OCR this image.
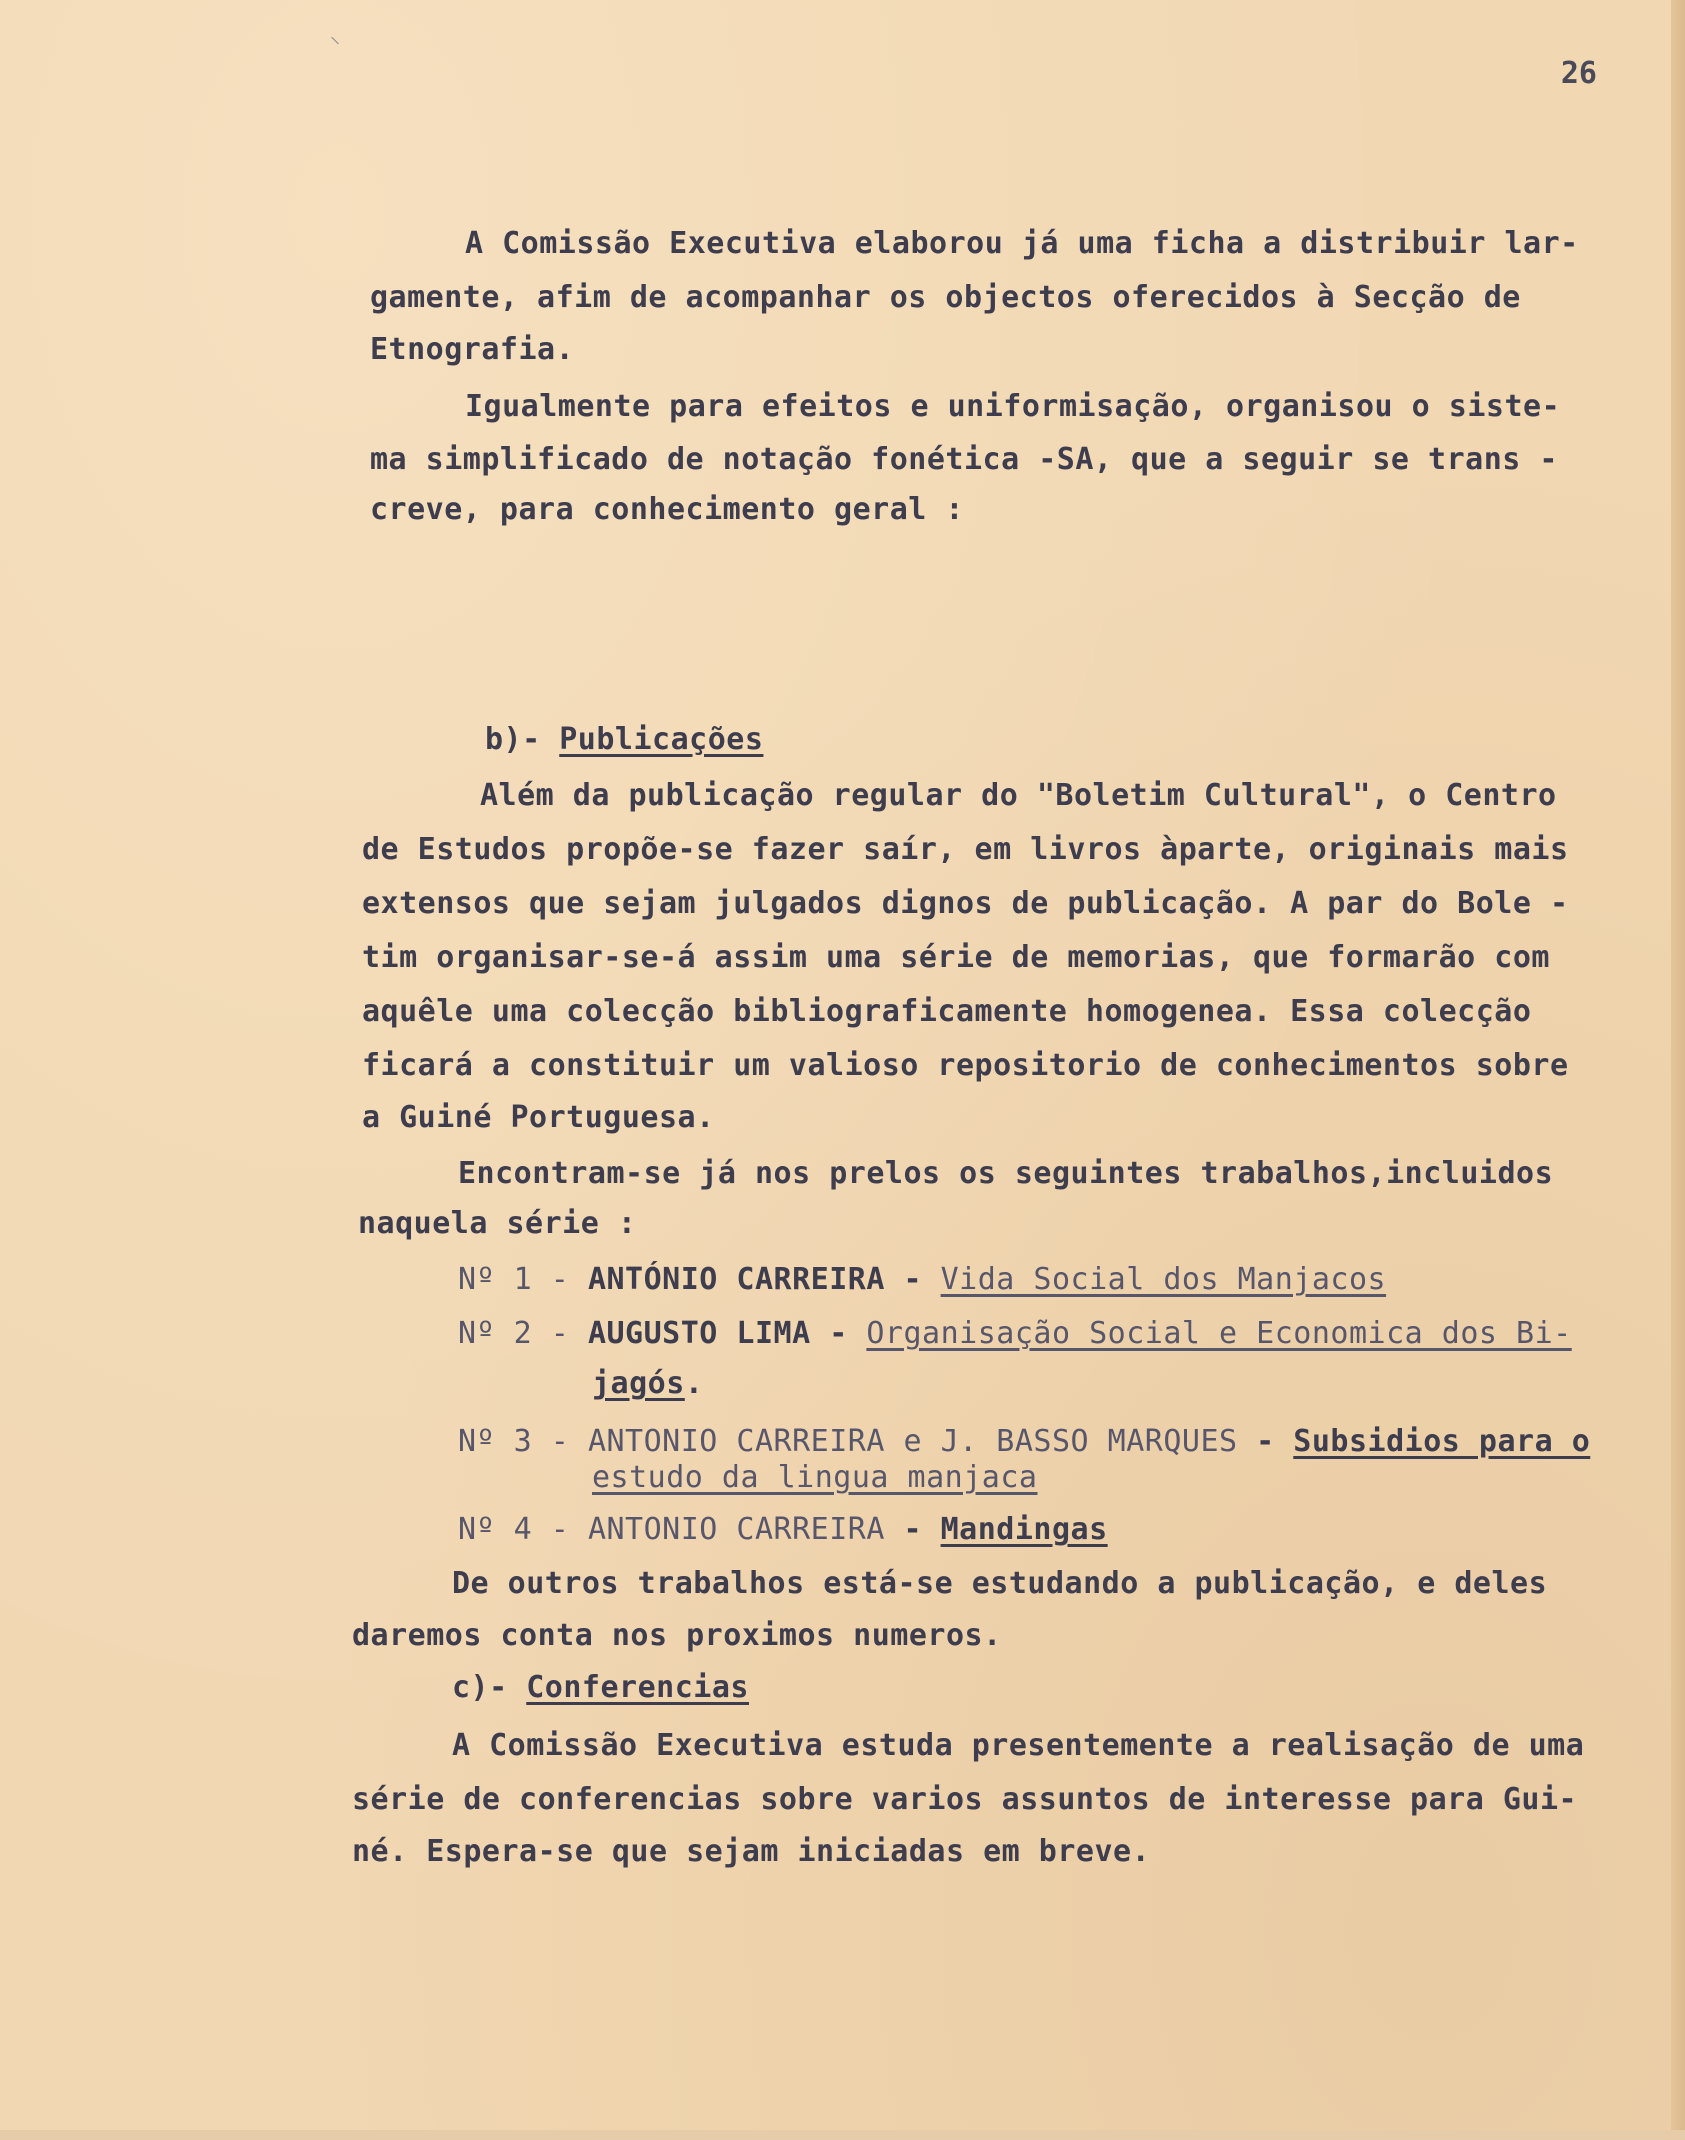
⸌
26
A Comissão Executiva elaborou já uma ficha a distribuir lar-
gamente, afim de acompanhar os objectos oferecidos à Secção de
Etnografia.
Igualmente para efeitos e uniformisação, organisou o siste-
ma simplificado de notação fonética -SA, que a seguir se trans -
creve, para conhecimento geral :
b)- Publicações
Além da publicação regular do "Boletim Cultural", o Centro
de Estudos propõe-se fazer saír, em livros àparte, originais mais
extensos que sejam julgados dignos de publicação. A par do Bole -
tim organisar-se-á assim uma série de memorias, que formarão com
aquêle uma colecção bibliograficamente homogenea. Essa colecção
ficará a constituir um valioso repositorio de conhecimentos sobre
a Guiné Portuguesa.
Encontram-se já nos prelos os seguintes trabalhos,incluidos
naquela série :
Nº 1 - ANTÓNIO CARREIRA - Vida Social dos Manjacos
Nº 2 - AUGUSTO LIMA - Organisação Social e Economica dos Bi-
jagós.
Nº 3 - ANTONIO CARREIRA e J. BASSO MARQUES - Subsidios para o
estudo da lingua manjaca
Nº 4 - ANTONIO CARREIRA - Mandingas
De outros trabalhos está-se estudando a publicação, e deles
daremos conta nos proximos numeros.
c)- Conferencias
A Comissão Executiva estuda presentemente a realisação de uma
série de conferencias sobre varios assuntos de interesse para Gui-
né. Espera-se que sejam iniciadas em breve.
